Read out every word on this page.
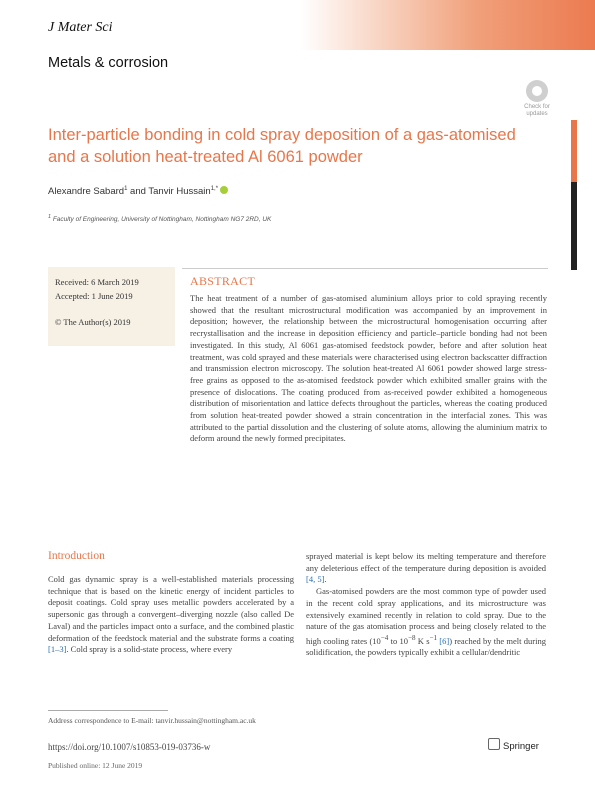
J Mater Sci
Metals & corrosion
Check for updates
Inter-particle bonding in cold spray deposition of a gas-atomised and a solution heat-treated Al 6061 powder
Alexandre Sabard$^1$ and Tanvir Hussain$^{1,*}$
$^1$ Faculty of Engineering, University of Nottingham, Nottingham NG7 2RD, UK
Received: 6 March 2019
Accepted: 1 June 2019
© The Author(s) 2019
ABSTRACT
The heat treatment of a number of gas-atomised aluminium alloys prior to cold spraying recently showed that the resultant microstructural modification was accompanied by an improvement in deposition; however, the relationship between the microstructural homogenisation occurring after recrystallisation and the increase in deposition efficiency and particle–particle bonding had not been investigated. In this study, Al 6061 gas-atomised feedstock powder, before and after solution heat treatment, was cold sprayed and these materials were characterised using electron backscatter diffraction and transmission electron microscopy. The solution heat-treated Al 6061 powder showed large stress-free grains as opposed to the as-atomised feedstock powder which exhibited smaller grains with the presence of dislocations. The coating produced from as-received powder exhibited a homogeneous distribution of misorientation and lattice defects throughout the particles, whereas the coating produced from solution heat-treated powder showed a strain concentration in the interfacial zones. This was attributed to the partial dissolution and the clustering of solute atoms, allowing the aluminium matrix to deform around the newly formed precipitates.
Introduction
Cold gas dynamic spray is a well-established materials processing technique that is based on the kinetic energy of incident particles to deposit coatings. Cold spray uses metallic powders accelerated by a supersonic gas through a convergent–diverging nozzle (also called De Laval) and the particles impact onto a surface, and the combined plastic deformation of the feedstock material and the substrate forms a coating [1–3]. Cold spray is a solid-state process, where every

sprayed material is kept below its melting temperature and therefore any deleterious effect of the temperature during deposition is avoided [4, 5].

Gas-atomised powders are the most common type of powder used in the recent cold spray applications, and its microstructure was extensively examined recently in relation to cold spray. Due to the nature of the gas atomisation process and being closely related to the high cooling rates ($10^{-4}$ to $10^{-8}$ K $s^{-1}$ [6]) reached by the melt during solidification, the powders typically exhibit a cellular/dendritic

Address correspondence to E-mail: tanvir.hussain@nottingham.ac.uk
https://doi.org/10.1007/s10853-019-03736-w	Springer
Published online: 12 June 2019
